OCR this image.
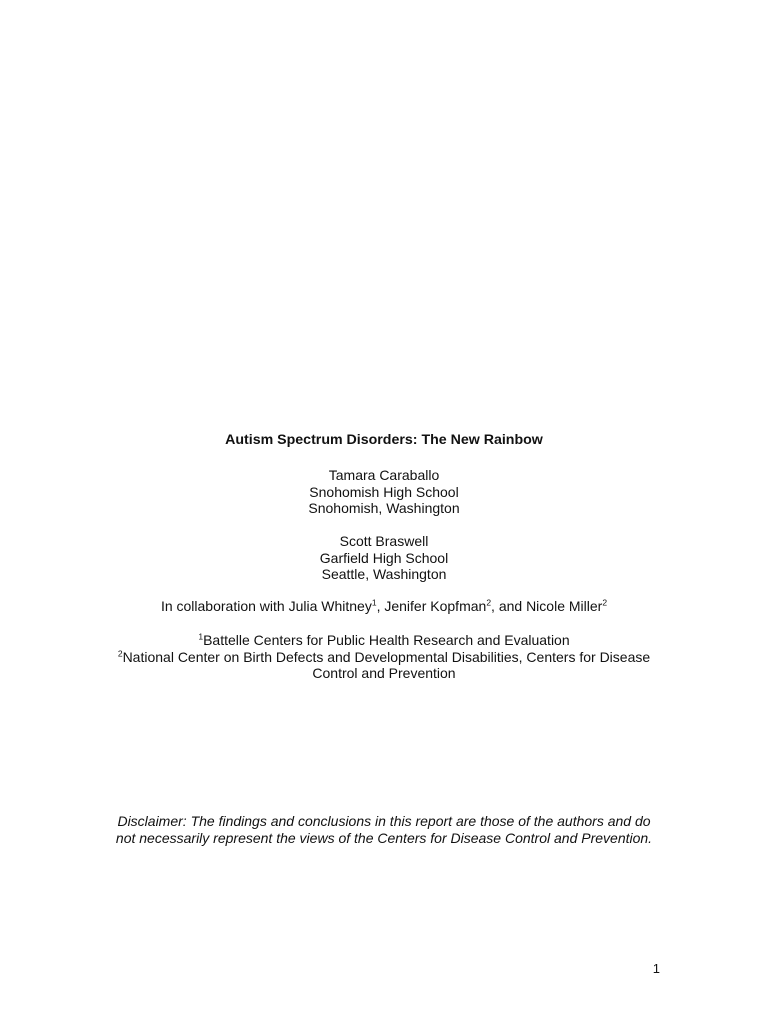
Autism Spectrum Disorders: The New Rainbow
Tamara Caraballo
Snohomish High School
Snohomish, Washington
Scott Braswell
Garfield High School
Seattle, Washington
In collaboration with Julia Whitney$^1$, Jenifer Kopfman$^2$, and Nicole Miller$^2$
$^1$Battelle Centers for Public Health Research and Evaluation
$^2$National Center on Birth Defects and Developmental Disabilities, Centers for Disease
Control and Prevention
Disclaimer: The findings and conclusions in this report are those of the authors and do
not necessarily represent the views of the Centers for Disease Control and Prevention.
1
